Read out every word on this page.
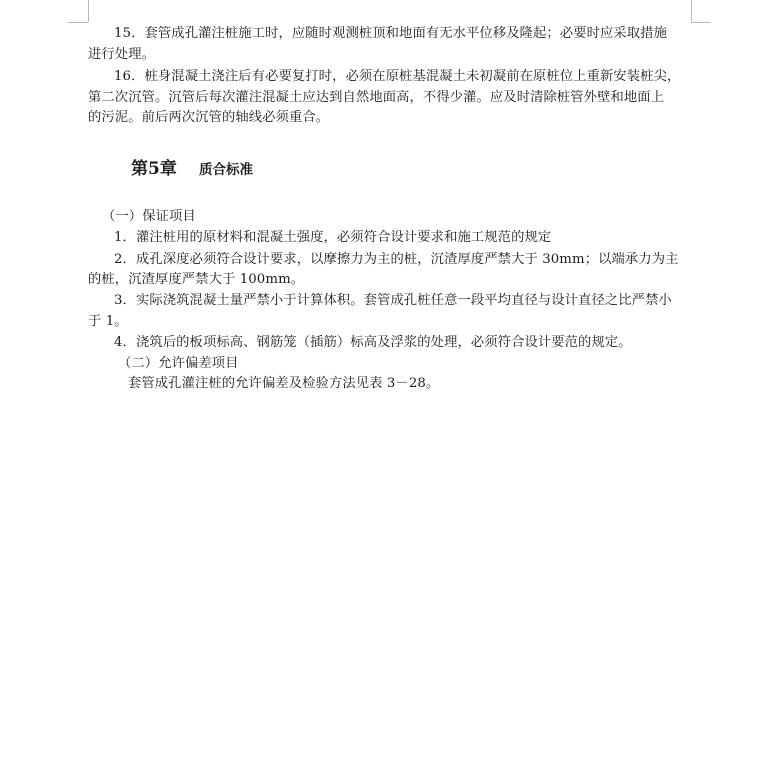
15．套管成孔灌注桩施工时，应随时观测桩顶和地面有无水平位移及隆起；必要时应采取措施
进行处理。
16．桩身混凝土浇注后有必要复打时，必须在原桩基混凝土未初凝前在原桩位上重新安装桩尖，
第二次沉管。沉管后每次灌注混凝土应达到自然地面高，不得少灌。应及时清除桩管外壁和地面上
的污泥。前后两次沉管的轴线必须重合。
第5章 质合标准
（一）保证项目
1．灌注桩用的原材料和混凝土强度，必须符合设计要求和施工规范的规定
2．成孔深度必须符合设计要求，以摩擦力为主的桩，沉渣厚度严禁大于 30mm；以端承力为主
的桩，沉渣厚度严禁大于 100mm。
3．实际浇筑混凝土量严禁小于计算体积。套管成孔桩任意一段平均直径与设计直径之比严禁小
于 1。
4．浇筑后的板项标高、钢筋笼（插筋）标高及浮浆的处理，必须符合设计要范的规定。
（二）允许偏差项目
套管成孔灌注桩的允许偏差及检验方法见表 3－28。
